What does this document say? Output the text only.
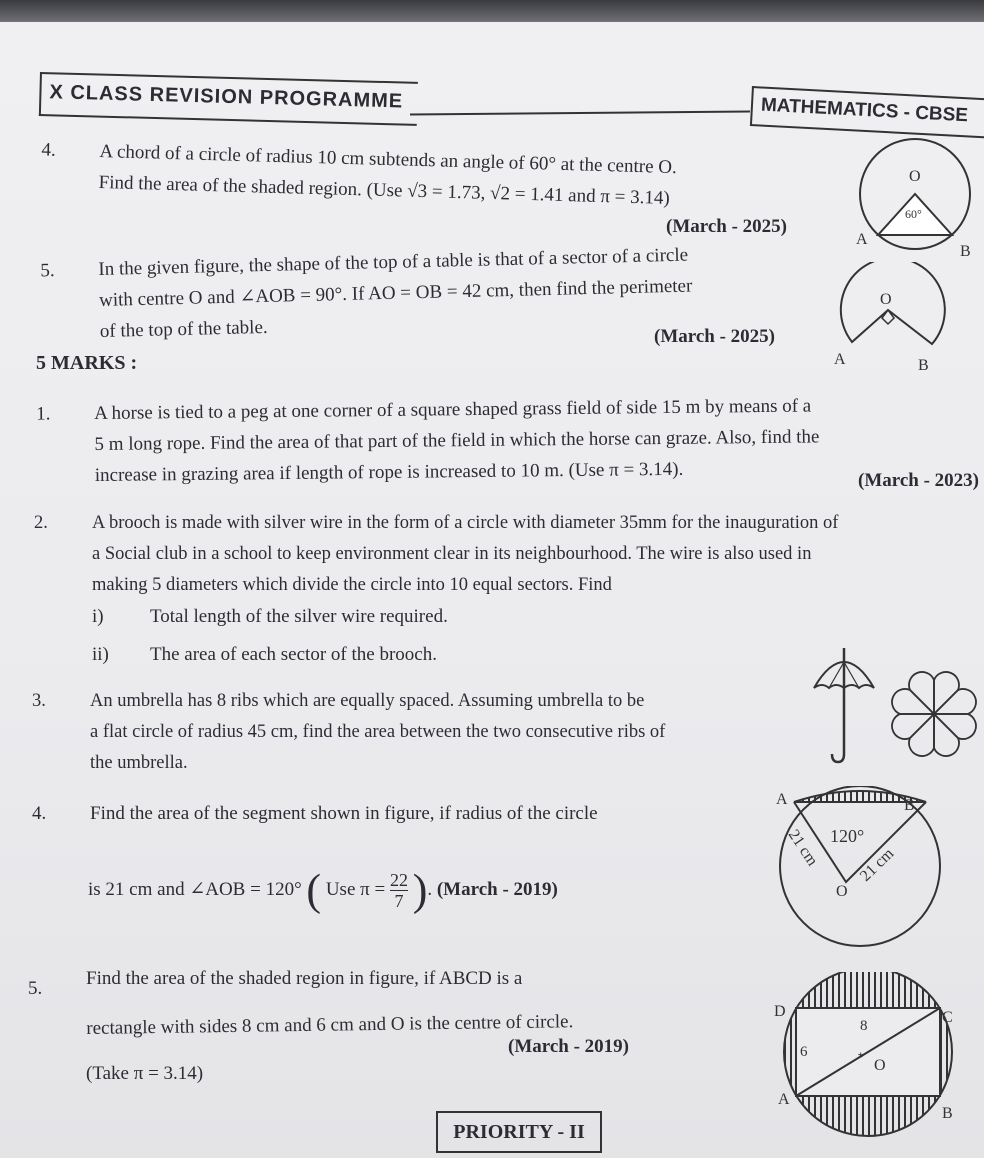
X CLASS REVISION PROGRAMME	MATHEMATICS - CBSE
4. A chord of a circle of radius 10 cm subtends an angle of 60° at the centre O.
Find the area of the shaded region. (Use √3 = 1.73, √2 = 1.41 and π = 3.14)
(March - 2025)
5. In the given figure, the shape of the top of a table is that of a sector of a circle
with centre O and ∠AOB = 90°. If AO = OB = 42 cm, then find the perimeter
of the top of the table.	(March - 2025)
5 MARKS :
1. A horse is tied to a peg at one corner of a square shaped grass field of side 15 m by means of a
5 m long rope. Find the area of that part of the field in which the horse can graze. Also, find the
increase in grazing area if length of rope is increased to 10 m. (Use π = 3.14).	(March - 2023)
2. A brooch is made with silver wire in the form of a circle with diameter 35mm for the inauguration of
a Social club in a school to keep environment clear in its neighbourhood. The wire is also used in
making 5 diameters which divide the circle into 10 equal sectors. Find
i) Total length of the silver wire required.
ii) The area of each sector of the brooch.
3. An umbrella has 8 ribs which are equally spaced. Assuming umbrella to be
a flat circle of radius 45 cm, find the area between the two consecutive ribs of
the umbrella.
4. Find the area of the segment shown in figure, if radius of the circle
is 21 cm and ∠AOB = 120° ( Use $\pi = \frac{22}{7}$ ). (March - 2019)
5. Find the area of the shaded region in figure, if ABCD is a
rectangle with sides 8 cm and 6 cm and O is the centre of circle.
(Take π = 3.14)
(March - 2019)
PRIORITY - II
O
60°
A
B
O
A	B
A	B
120°
O
21 cm 21 cm
D	C
A
B
O
8
6	*
